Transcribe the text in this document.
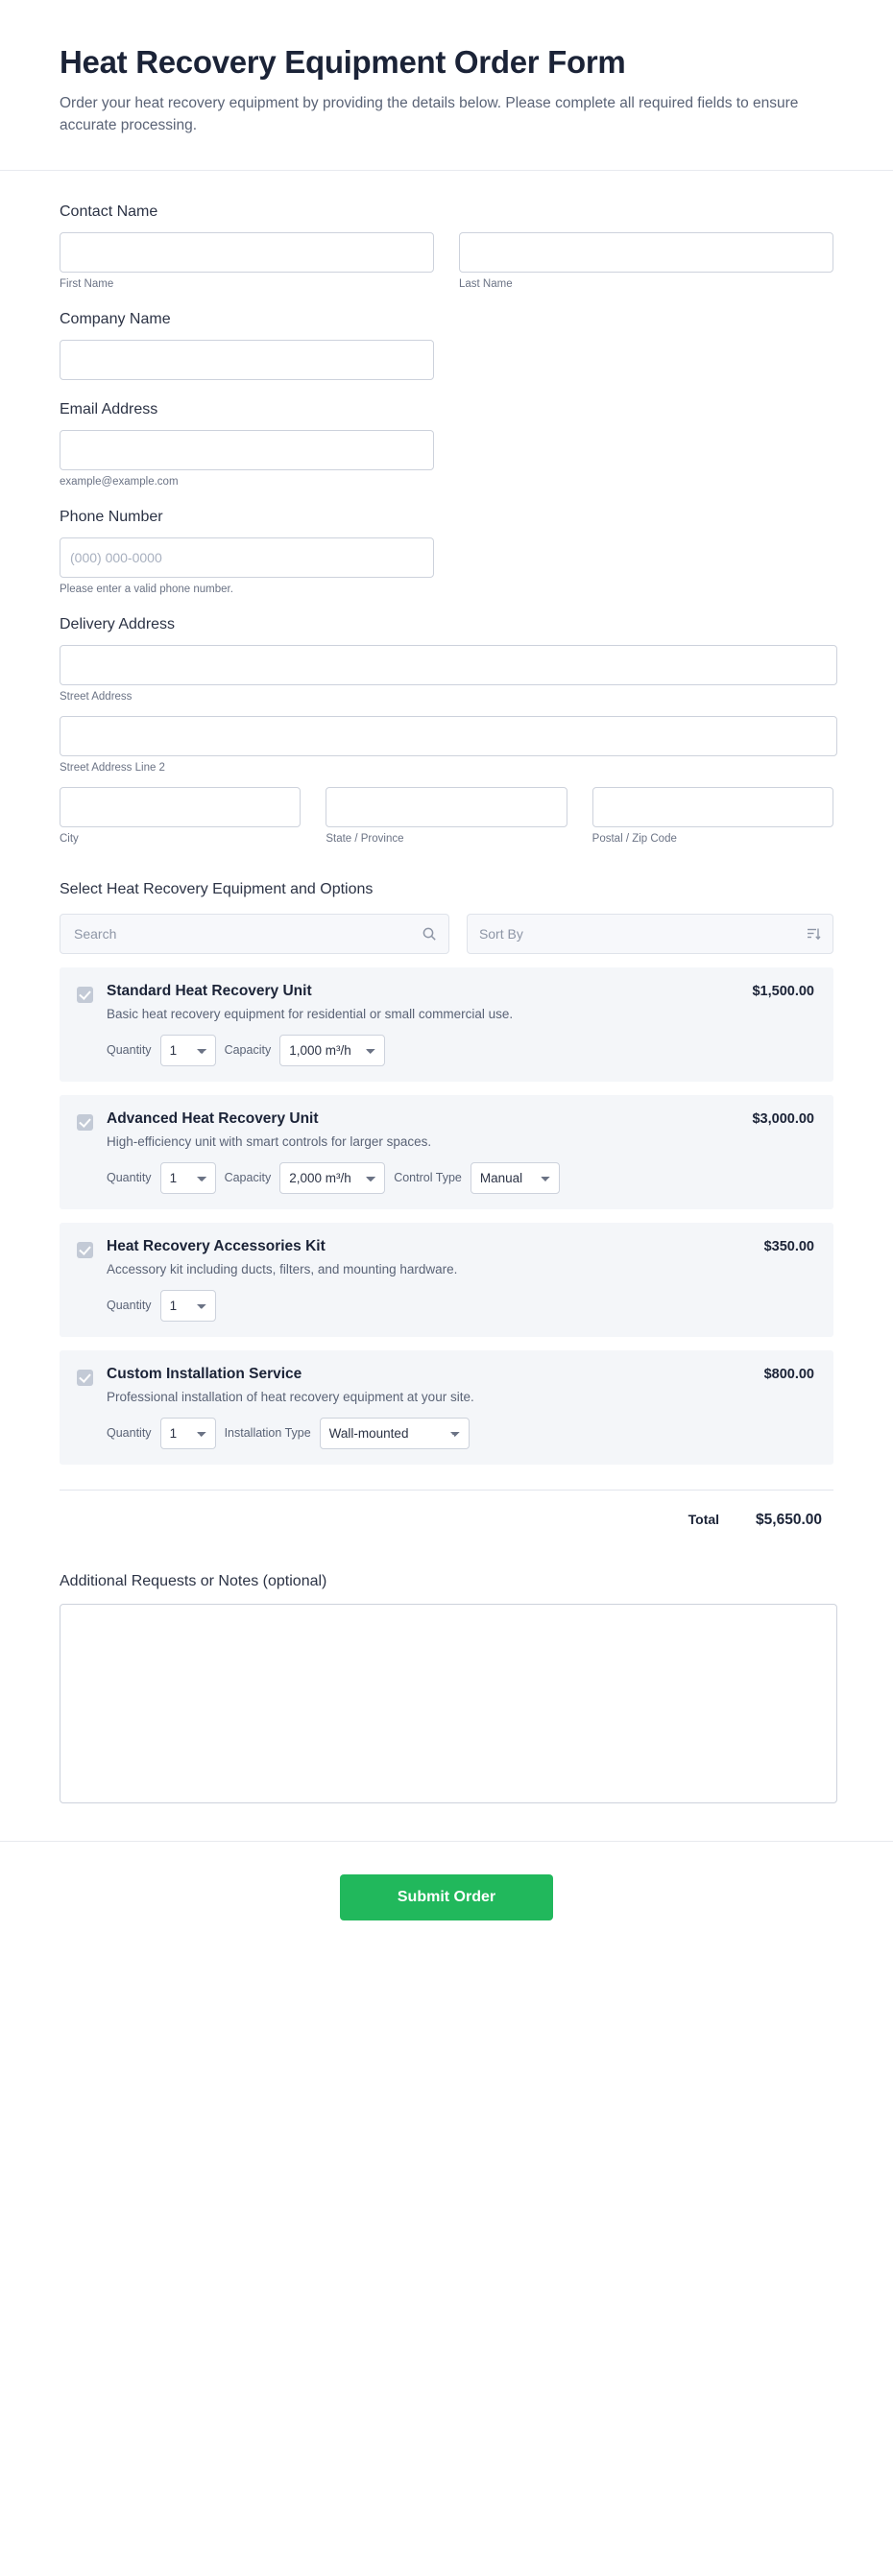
Heat Recovery Equipment Order Form

Order your heat recovery equipment by providing the details below. Please complete all required fields to ensure accurate processing.

Contact Name
First Name	Last Name
Company Name
Email Address
example@example.com
Phone Number
(000) 000-0000
Please enter a valid phone number.
Delivery Address
Street Address
Street Address Line 2
City	State / Province	Postal / Zip Code
Select Heat Recovery Equipment and Options
Search
Sort By
Standard Heat Recovery Unit
Basic heat recovery equipment for residential or small commercial use.
Quantity
1	Capacity
1,000 m³/h
$1,500.00
Advanced Heat Recovery Unit
High-efficiency unit with smart controls for larger spaces.
Quantity
1	Capacity
2,000 m³/h	Control Type
Manual
$3,000.00
Heat Recovery Accessories Kit
Accessory kit including ducts, filters, and mounting hardware.
Quantity
1
$350.00
Custom Installation Service
Professional installation of heat recovery equipment at your site.
Quantity
1	Installation Type
Wall-mounted
$800.00
Total $5,650.00
Additional Requests or Notes (optional)
Submit Order
